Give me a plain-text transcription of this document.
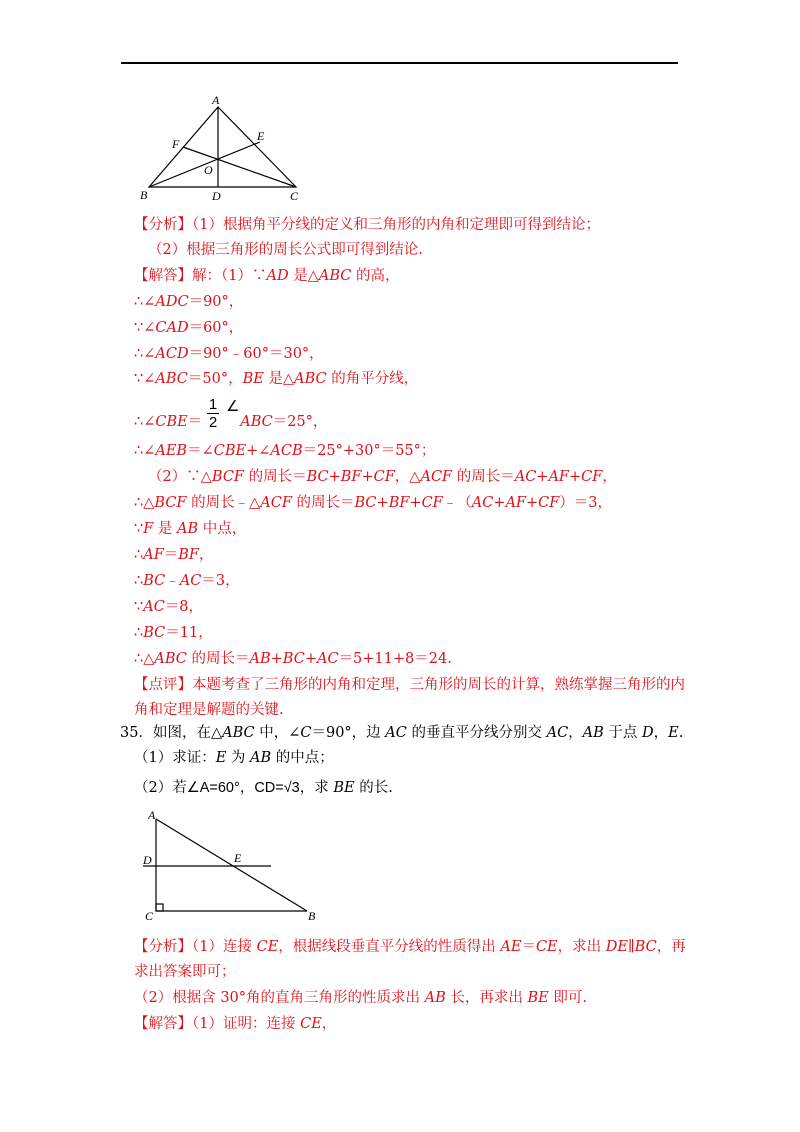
A
B	C
D
E
F
O
【分析】（1）根据角平分线的定义和三角形的内角和定理即可得到结论；
（2）根据三角形的周长公式即可得到结论.
【解答】解：（1）∵AD 是△ABC 的高，
∴∠ADC＝90°，
∵∠CAD＝60°，
∴∠ACD＝90°﹣60°＝30°，
∵∠ABC＝50°，BE 是△ABC 的角平分线，
∴∠CBE＝	ABC＝25°，
1
2
∠
∴∠AEB＝∠CBE+∠ACB＝25°+30°＝55°；
（2）∵△BCF 的周长＝BC+BF+CF，△ACF 的周长＝AC+AF+CF，
∴△BCF 的周长﹣△ACF 的周长＝BC+BF+CF﹣（AC+AF+CF）＝3，
∵F 是 AB 中点，
∴AF＝BF，
∴BC﹣AC＝3，
∵AC＝8，
∴BC＝11，
∴△ABC 的周长＝AB+BC+AC＝5+11+8＝24.
【点评】本题考查了三角形的内角和定理，三角形的周长的计算，熟练掌握三角形的内
角和定理是解题的关键.
35．如图，在△ABC 中，∠C＝90°，边 AC 的垂直平分线分别交 AC，AB 于点 D，E.
（1）求证：E 为 AB 的中点；
（2）若∠A=60°，CD=√3，求 BE 的长.
A
B
C
D	E
【分析】（1）连接 CE，根据线段垂直平分线的性质得出 AE＝CE，求出 DE∥BC，再
求出答案即可；
（2）根据含 30°角的直角三角形的性质求出 AB 长，再求出 BE 即可.
【解答】（1）证明：连接 CE，
